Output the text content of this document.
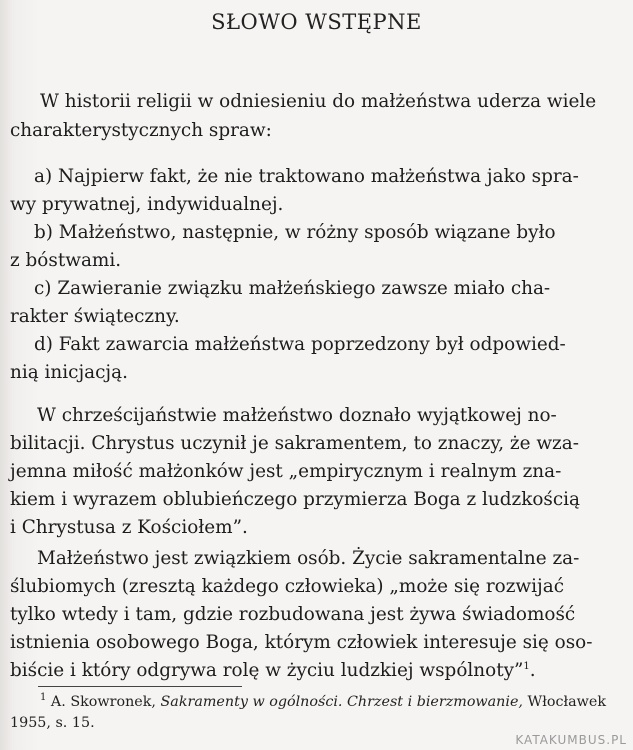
SŁOWO WSTĘPNE
W historii religii w odniesieniu do małżeństwa uderza wiele
charakterystycznych spraw:
a) Najpierw fakt, że nie traktowano małżeństwa jako spra-
wy prywatnej, indywidualnej.
b) Małżeństwo, następnie, w różny sposób wiązane było
z bóstwami.
c) Zawieranie związku małżeńskiego zawsze miało cha-
rakter świąteczny.
d) Fakt zawarcia małżeństwa poprzedzony był odpowied-
nią inicjacją.
W chrześcijaństwie małżeństwo doznało wyjątkowej no-
bilitacji. Chrystus uczynił je sakramentem, to znaczy, że wza-
jemna miłość małżonków jest „empirycznym i realnym zna-
kiem i wyrazem oblubieńczego przymierza Boga z ludzkością
i Chrystusa z Kościołem”.
Małżeństwo jest związkiem osób. Życie sakramentalne za-
ślubiomych (zresztą każdego człowieka) „może się rozwijać
tylko wtedy i tam, gdzie rozbudowana jest żywa świadomość
istnienia osobowego Boga, którym człowiek interesuje się oso-
biście i który odgrywa rolę w życiu ludzkiej wspólnoty”$^1$.
$^1$ A. Skowronek, Sakramenty w ogólności. Chrzest i bierzmowanie, Włocławek
1955, s. 15.
KATAKUMBUS.PL
